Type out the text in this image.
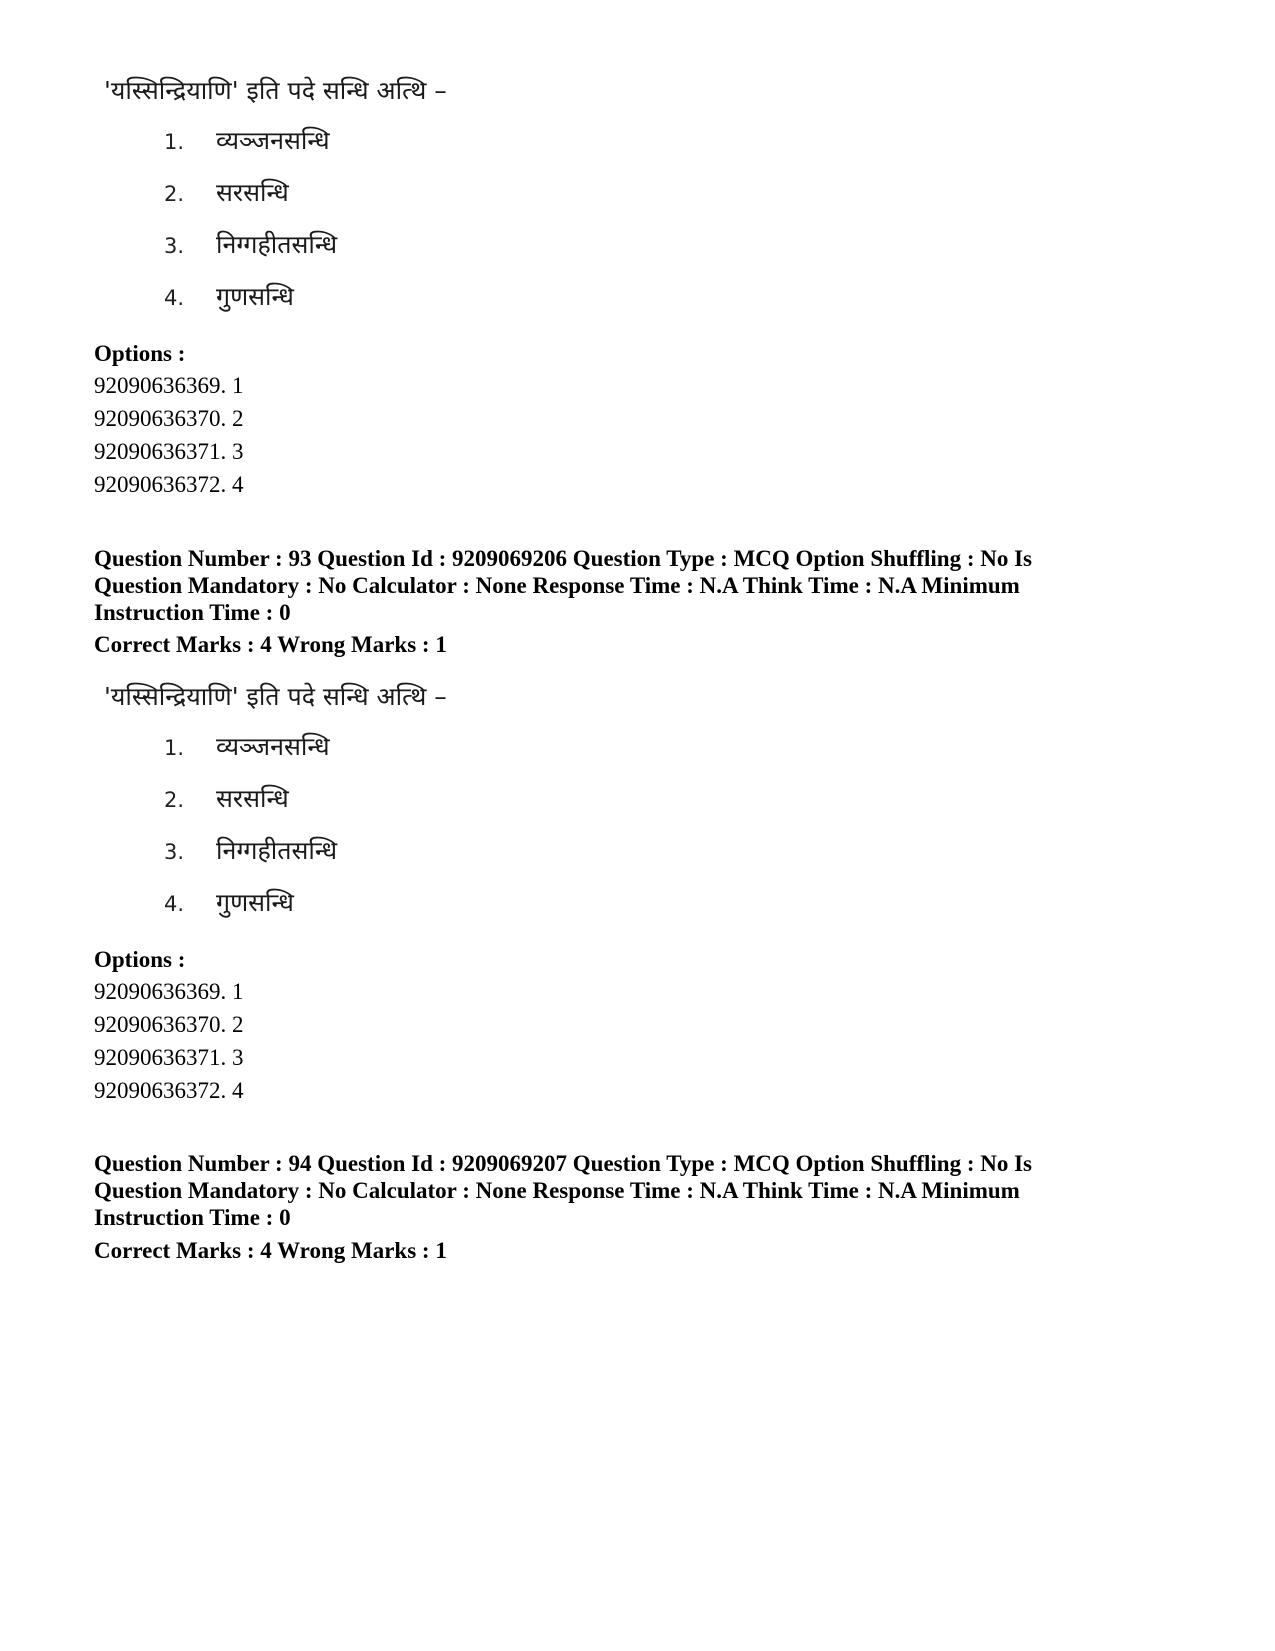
'यस्सिन्द्रियाणि' इति पदे सन्धि अत्थि –
1. व्यञ्जनसन्धि
2. सरसन्धि
3. निग्गहीतसन्धि
4. गुणसन्धि
Options :
92090636369. 1
92090636370. 2
92090636371. 3
92090636372. 4
Question Number : 93 Question Id : 9209069206 Question Type : MCQ Option Shuffling : No Is
Question Mandatory : No Calculator : None Response Time : N.A Think Time : N.A Minimum
Instruction Time : 0
Correct Marks : 4 Wrong Marks : 1
'यस्सिन्द्रियाणि' इति पदे सन्धि अत्थि –
1. व्यञ्जनसन्धि
2. सरसन्धि
3. निग्गहीतसन्धि
4. गुणसन्धि
Options :
92090636369. 1
92090636370. 2
92090636371. 3
92090636372. 4
Question Number : 94 Question Id : 9209069207 Question Type : MCQ Option Shuffling : No Is
Question Mandatory : No Calculator : None Response Time : N.A Think Time : N.A Minimum
Instruction Time : 0
Correct Marks : 4 Wrong Marks : 1
